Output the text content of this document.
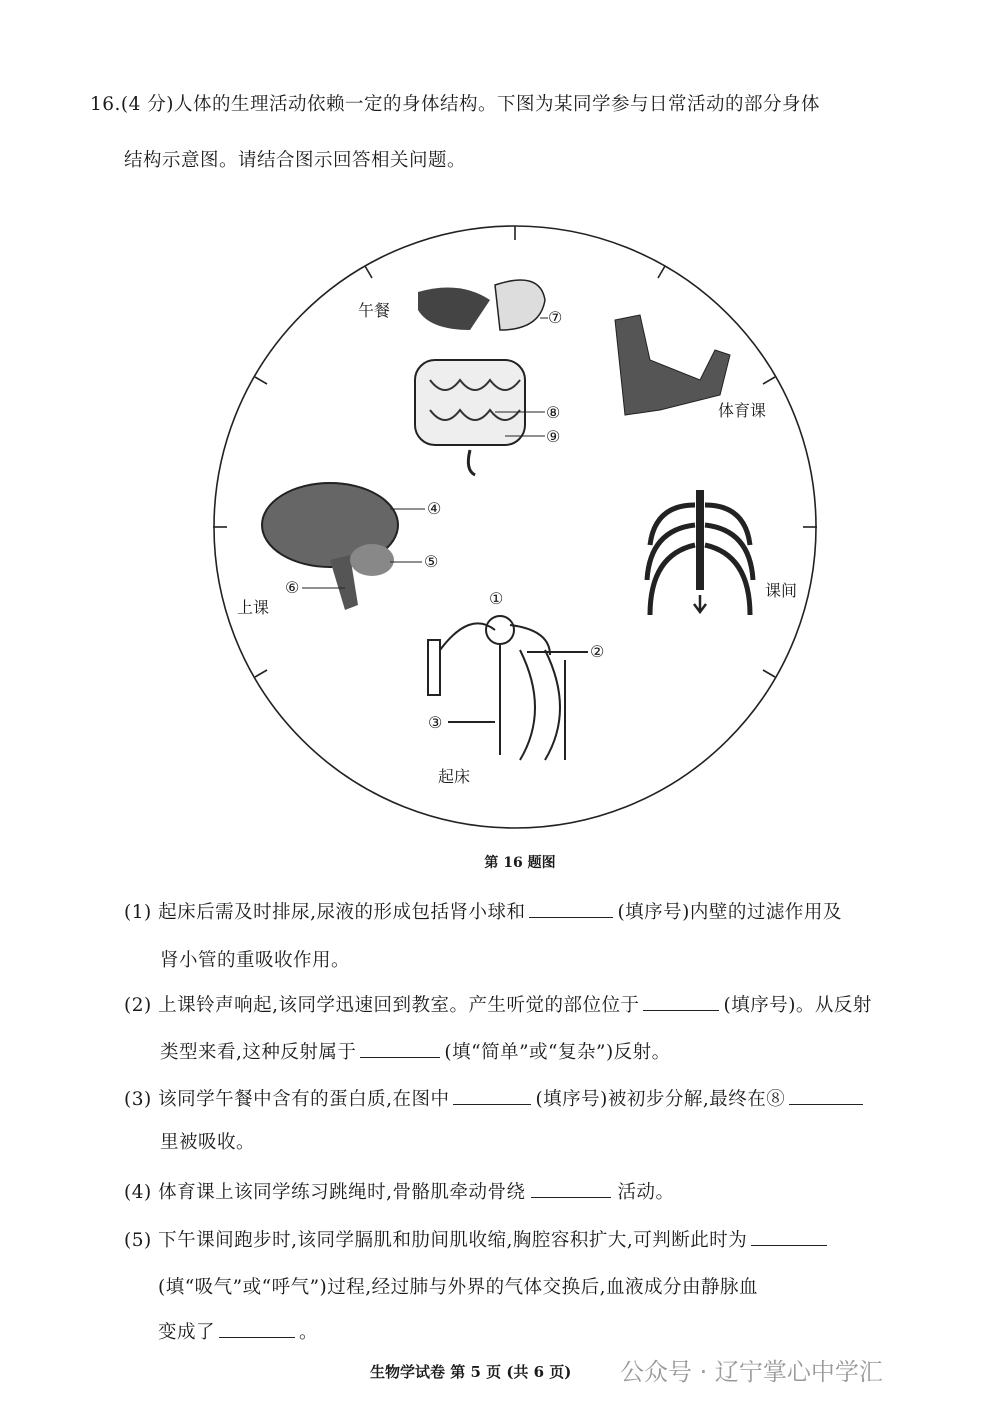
16.(4 分)人体的生理活动依赖一定的身体结构。下图为某同学参与日常活动的部分身体
结构示意图。请结合图示回答相关问题。
午餐
体育课
上课
课间
起床
①
②
③
④
⑤
⑥
⑦
⑧
⑨
第 16 题图
(1) 起床后需及时排尿,尿液的形成包括肾小球和	(填序号)内壁的过滤作用及
肾小管的重吸收作用。
(2) 上课铃声响起,该同学迅速回到教室。产生听觉的部位位于	(填序号)。从反射
类型来看,这种反射属于	(填“简单”或“复杂”)反射。
(3) 该同学午餐中含有的蛋白质,在图中	(填序号)被初步分解,最终在⑧
里被吸收。
(4) 体育课上该同学练习跳绳时,骨骼肌牵动骨绕	活动。
(5) 下午课间跑步时,该同学膈肌和肋间肌收缩,胸腔容积扩大,可判断此时为
(填“吸气”或“呼气”)过程,经过肺与外界的气体交换后,血液成分由静脉血
变成了	。
生物学试卷 第 5 页 (共 6 页) 公众号 · 辽宁掌心中学汇
